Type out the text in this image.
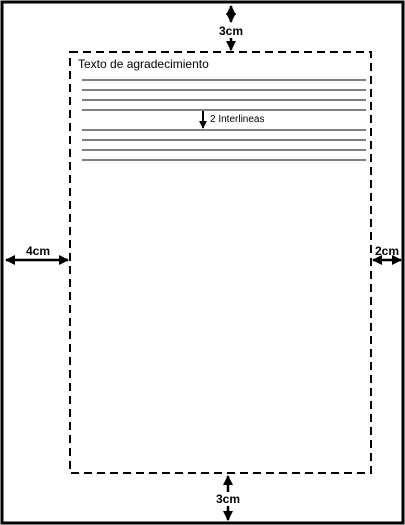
3cm
3cm
4cm	2cm
Texto de agradecimiento
2 Interlineas
